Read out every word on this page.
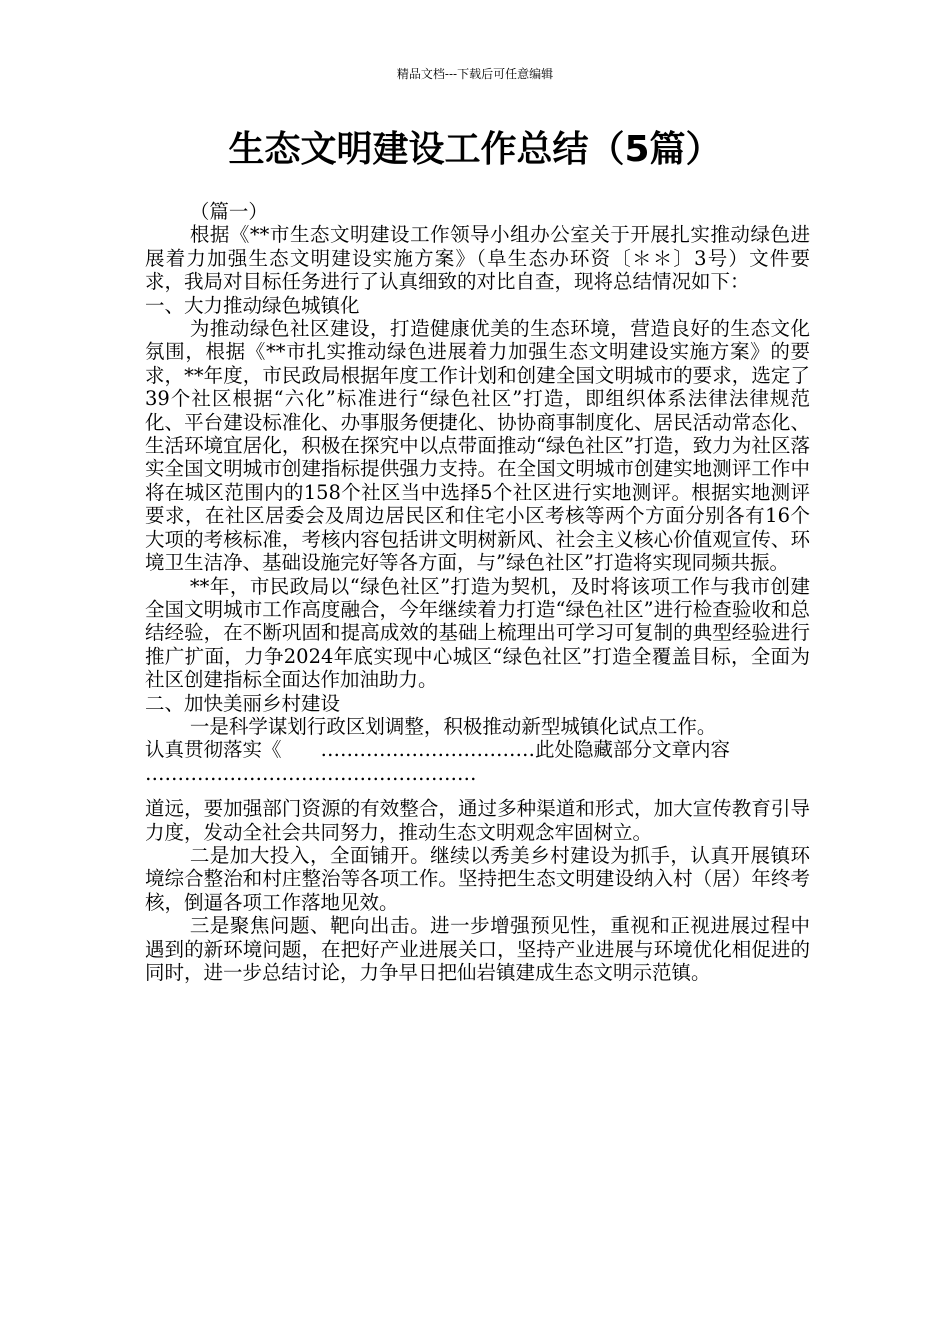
精品文档---下载后可任意编辑
生态文明建设工作总结（5篇）

（篇一）

根据《**市生态文明建设工作领导小组办公室关于开展扎实推动绿色进展着力加强生态文明建设实施方案》（阜生态办环资〔＊＊〕3号）文件要求，我局对目标任务进行了认真细致的对比自查，现将总结情况如下：

一、大力推动绿色城镇化

为推动绿色社区建设，打造健康优美的生态环境，营造良好的生态文化氛围，根据《**市扎实推动绿色进展着力加强生态文明建设实施方案》的要求，**年度，市民政局根据年度工作计划和创建全国文明城市的要求，选定了39个社区根据“六化”标准进行“绿色社区”打造，即组织体系法律法律规范化、平台建设标准化、办事服务便捷化、协协商事制度化、居民活动常态化、生活环境宜居化，积极在探究中以点带面推动“绿色社区”打造，致力为社区落实全国文明城市创建指标提供强力支持。在全国文明城市创建实地测评工作中将在城区范围内的158个社区当中选择5个社区进行实地测评。根据实地测评要求，在社区居委会及周边居民区和住宅小区考核等两个方面分别各有16个大项的考核标准，考核内容包括讲文明树新风、社会主义核心价值观宣传、环境卫生洁净、基础设施完好等各方面，与”绿色社区”打造将实现同频共振。

**年，市民政局以“绿色社区”打造为契机，及时将该项工作与我市创建全国文明城市工作高度融合，今年继续着力打造“绿色社区”进行检查验收和总结经验，在不断巩固和提高成效的基础上梳理出可学习可复制的典型经验进行推广扩面，力争2024年底实现中心城区“绿色社区”打造全覆盖目标，全面为社区创建指标全面达作加油助力。

二、加快美丽乡村建设

一是科学谋划行政区划调整，积极推动新型城镇化试点工作。

认真贯彻落实《　　……………………………此处隐藏部分文章内容

……………………………………………

道远，要加强部门资源的有效整合，通过多种渠道和形式，加大宣传教育引导力度，发动全社会共同努力，推动生态文明观念牢固树立。

二是加大投入，全面铺开。继续以秀美乡村建设为抓手，认真开展镇环境综合整治和村庄整治等各项工作。坚持把生态文明建设纳入村（居）年终考核，倒逼各项工作落地见效。

三是聚焦问题、靶向出击。进一步增强预见性，重视和正视进展过程中遇到的新环境问题，在把好产业进展关口，坚持产业进展与环境优化相促进的同时，进一步总结讨论，力争早日把仙岩镇建成生态文明示范镇。
